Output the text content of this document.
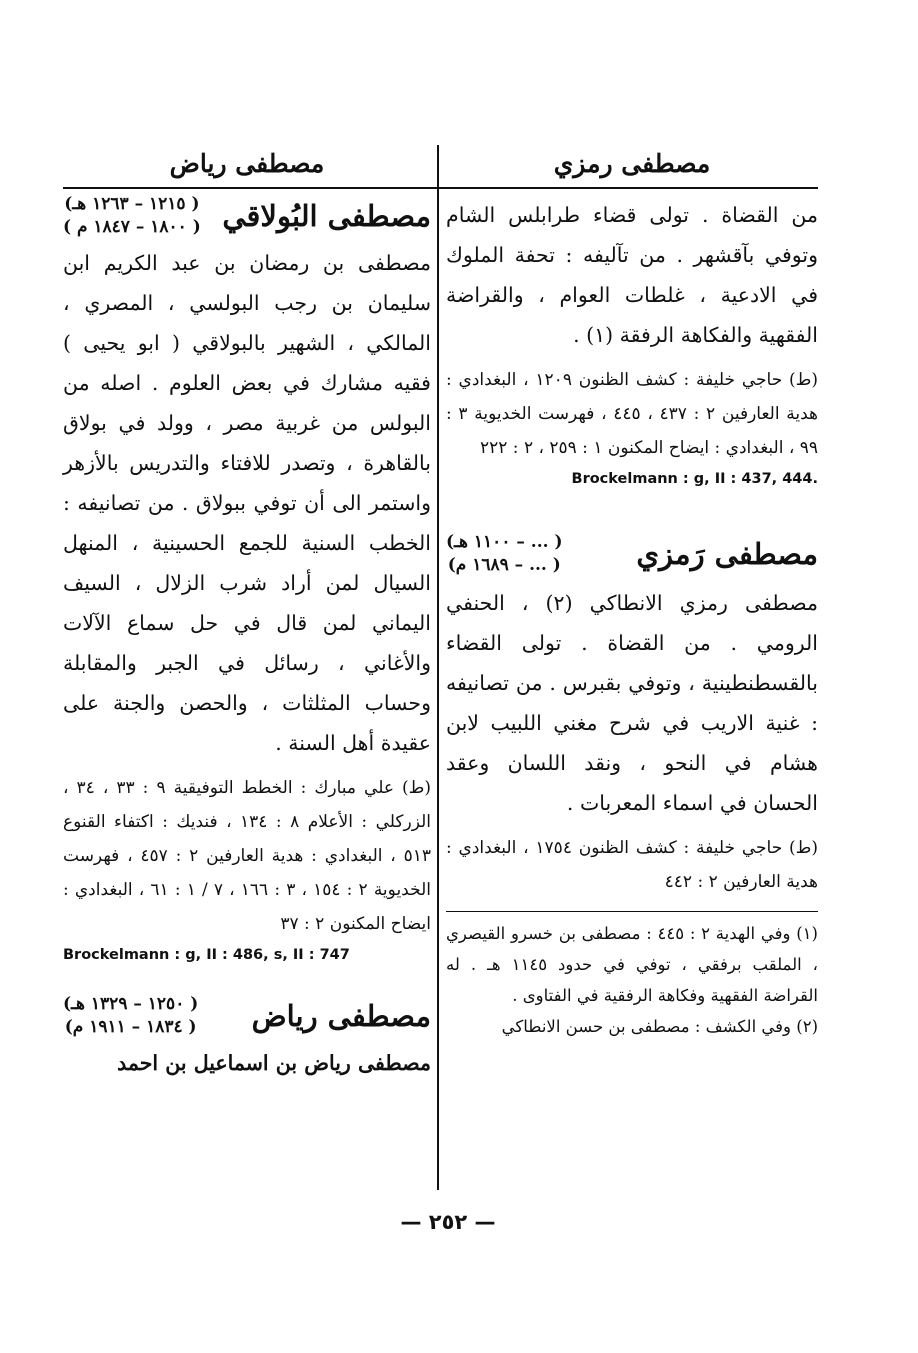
مصطفى رمزي
من القضاة . تولى قضاء طرابلس الشام وتوفي بآقشهر . من تآليفه : تحفة الملوك في الادعية ، غلطات العوام ، والقراضة الفقهية والفكاهة الرفقة (١) .
(ط) حاجي خليفة : كشف الظنون ١٢٠٩ ، البغدادي : هدية العارفين ٢ : ٤٣٧ ، ٤٤٥ ، فهرست الخديوية ٣ : ٩٩ ، البغدادي : ايضاح المكنون ١ : ٢٥٩ ، ٢ : ٢٢٢
Brockelmann : g, II : 437, 444.
مصطفى رَمزي
( ... – ١١٠٠ هـ)
( ... – ١٦٨٩ م)
مصطفى رمزي الانطاكي (٢) ، الحنفي الرومي . من القضاة . تولى القضاء بالقسطنطينية ، وتوفي بقبرس . من تصانيفه : غنية الاريب في شرح مغني اللبيب لابن هشام في النحو ، ونقد اللسان وعقد الحسان في اسماء المعربات .
(ط) حاجي خليفة : كشف الظنون ١٧٥٤ ، البغدادي : هدية العارفين ٢ : ٤٤٢
(١) وفي الهدية ٢ : ٤٤٥ : مصطفى بن خسرو القيصري ، الملقب برفقي ، توفي في حدود ١١٤٥ هـ . له القراضة الفقهية وفكاهة الرفقية في الفتاوى .
(٢) وفي الكشف : مصطفى بن حسن الانطاكي
مصطفى رياض
مصطفى البُولاقي
( ١٢١٥ – ١٢٦٣ هـ)
( ١٨٠٠ – ١٨٤٧ م )
مصطفى بن رمضان بن عبد الكريم ابن سليمان بن رجب البولسي ، المصري ، المالكي ، الشهير بالبولاقي ( ابو يحيى ) فقيه مشارك في بعض العلوم . اصله من البولس من غربية مصر ، وولد في بولاق بالقاهرة ، وتصدر للافتاء والتدريس بالأزهر واستمر الى أن توفي ببولاق . من تصانيفه : الخطب السنية للجمع الحسينية ، المنهل السيال لمن أراد شرب الزلال ، السيف اليماني لمن قال في حل سماع الآلات والأغاني ، رسائل في الجبر والمقابلة وحساب المثلثات ، والحصن والجنة على عقيدة أهل السنة .
(ط) علي مبارك : الخطط التوفيقية ٩ : ٣٣ ، ٣٤ ، الزركلي : الأعلام ٨ : ١٣٤ ، فنديك : اكتفاء القنوع ٥١٣ ، البغدادي : هدية العارفين ٢ : ٤٥٧ ، فهرست الخديوية ٢ : ١٥٤ ، ٣ : ١٦٦ ، ٧ / ١ : ٦١ ، البغدادي : ايضاح المكنون ٢ : ٣٧
Brockelmann : g, II : 486, s, II : 747
مصطفى رياض
( ١٢٥٠ – ١٣٢٩ هـ)
( ١٨٣٤ – ١٩١١ م)
مصطفى رياض بن اسماعيل بن احمد
— ٢٥٢ —
